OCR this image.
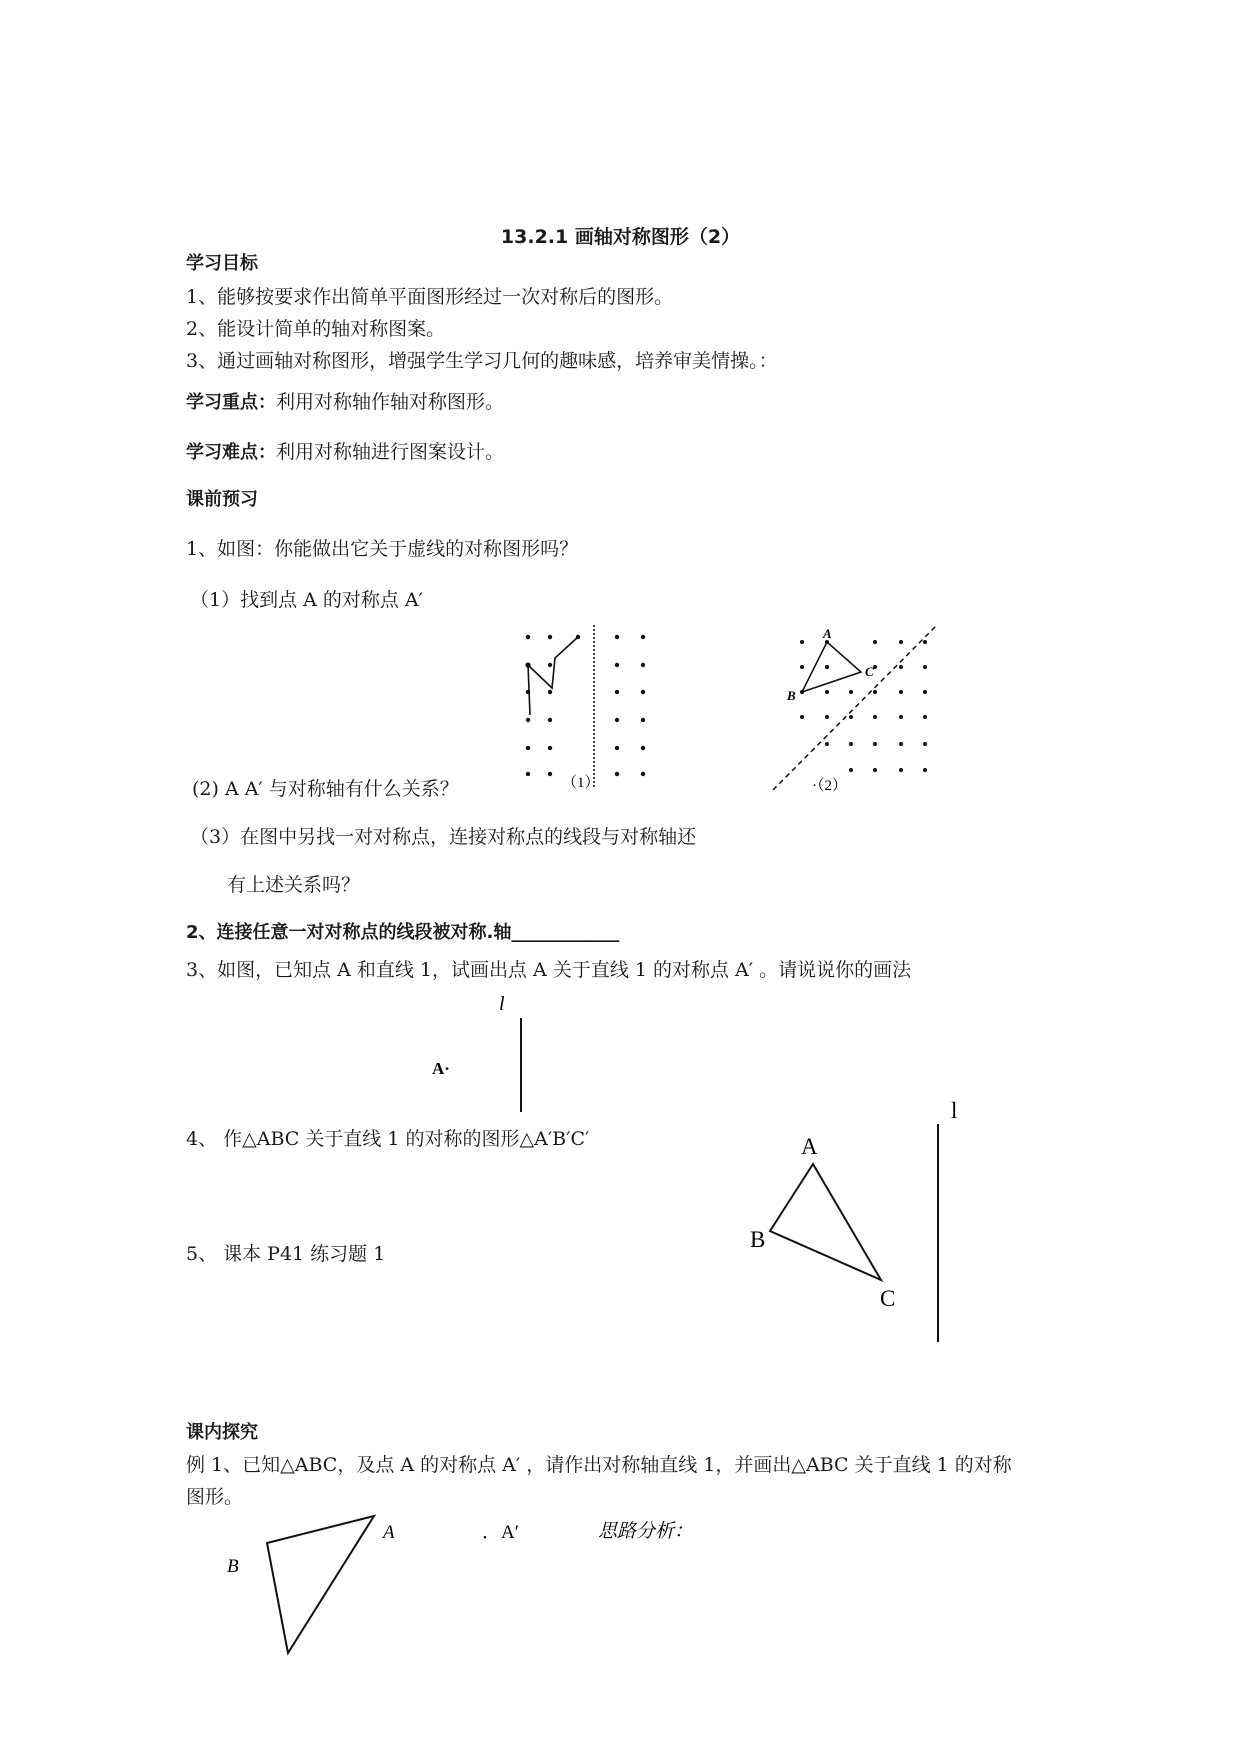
13.2.1 画轴对称图形（2）
学习目标
1、能够按要求作出简单平面图形经过一次对称后的图形。
2、能设计简单的轴对称图案。
3、通过画轴对称图形，增强学生学习几何的趣味感，培养审美情操。：
学习重点：利用对称轴作轴对称图形。
学习难点：利用对称轴进行图案设计。
课前预习
1、如图：你能做出它关于虚线的对称图形吗？
（1）找到点 A 的对称点 A′
（1）
A
B
C
·（2）
(2) A A′ 与对称轴有什么关系？
（3）在图中另找一对对称点，连接对称点的线段与对称轴还
有上述关系吗？
2、连接任意一对对称点的线段被对称.轴____________
3、如图，已知点 A 和直线 1，试画出点 A 关于直线 1 的对称点 A′ 。请说说你的画法
l
A·
4、 作△ABC 关于直线 1 的对称的图形△A′B′C′
5、 课本 P41 练习题 1
l
A
B
C
课内探究
例 1、已知△ABC，及点 A 的对称点 A′ ，请作出对称轴直线 1，并画出△ABC 关于直线 1 的对称
图形。
A
B
．A′	思路分析：
